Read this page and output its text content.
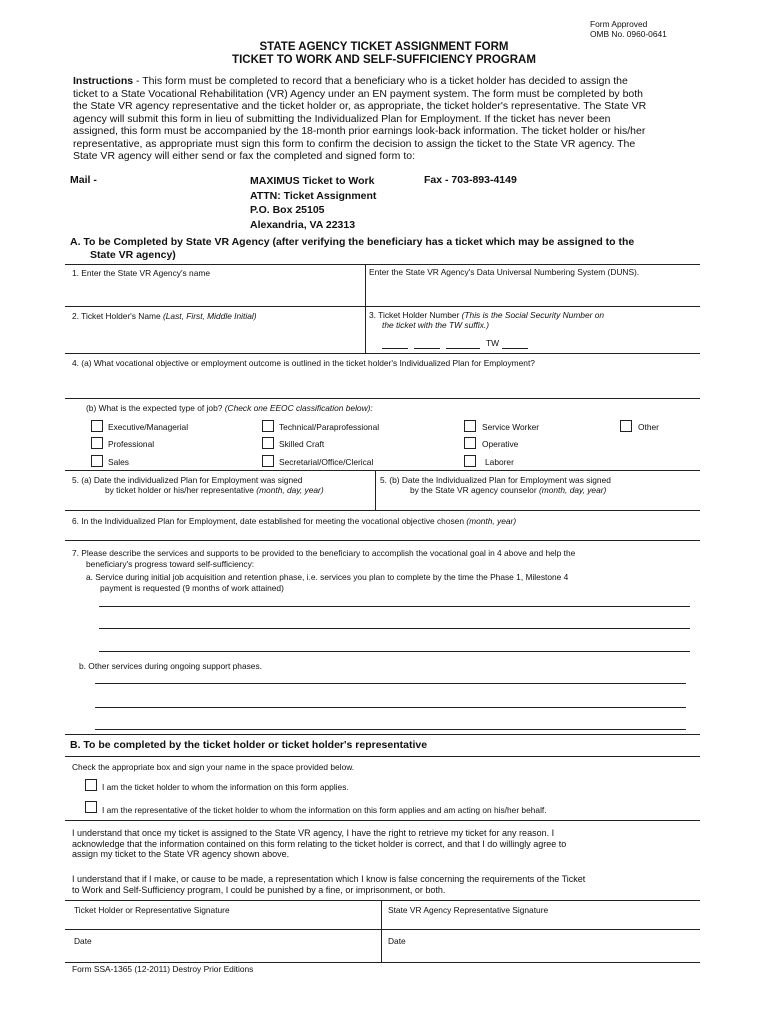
Form Approved
OMB No. 0960-0641
STATE AGENCY TICKET ASSIGNMENT FORM
TICKET TO WORK AND SELF-SUFFICIENCY PROGRAM
Instructions - This form must be completed to record that a beneficiary who is a ticket holder has decided to assign the
ticket to a State Vocational Rehabilitation (VR) Agency under an EN payment system. The form must be completed by both
the State VR agency representative and the ticket holder or, as appropriate, the ticket holder's representative. The State VR
agency will submit this form in lieu of submitting the Individualized Plan for Employment. If the ticket has never been
assigned, this form must be accompanied by the 18-month prior earnings look-back information. The ticket holder or his/her
representative, as appropriate must sign this form to confirm the decision to assign the ticket to the State VR agency. The
State VR agency will either send or fax the completed and signed form to:
Mail -	MAXIMUS Ticket to Work
ATTN: Ticket Assignment
P.O. Box 25105
Alexandria, VA 22313
Fax - 703-893-4149
A. To be Completed by State VR Agency (after verifying the beneficiary has a ticket which may be assigned to the
State VR agency)
1. Enter the State VR Agency's name	Enter the State VR Agency's Data Universal Numbering System (DUNS).
2. Ticket Holder's Name (Last, First, Middle Initial)	3. Ticket Holder Number (This is the Social Security Number on
the ticket with the TW suffix.)
TW
4. (a) What vocational objective or employment outcome is outlined in the ticket holder's Individualized Plan for Employment?
(b) What is the expected type of job? (Check one EEOC classification below):
Executive/Managerial	Technical/Paraprofessional	Service Worker	Other
Professional	Skilled Craft	Operative
Sales	Secretarial/Office/Clerical	Laborer
5. (a) Date the individualized Plan for Employment was signed
by ticket holder or his/her representative (month, day, year)
5. (b) Date the Individualized Plan for Employment was signed
by the State VR agency counselor (month, day, year)
6. In the Individualized Plan for Employment, date established for meeting the vocational objective chosen (month, year)
7. Please describe the services and supports to be provided to the beneficiary to accomplish the vocational goal in 4 above and help the
beneficiary's progress toward self-sufficiency:
a. Service during initial job acquisition and retention phase, i.e. services you plan to complete by the time the Phase 1, Milestone 4
payment is requested (9 months of work attained)
b. Other services during ongoing support phases.
B. To be completed by the ticket holder or ticket holder's representative
Check the appropriate box and sign your name in the space provided below.
I am the ticket holder to whom the information on this form applies.
I am the representative of the ticket holder to whom the information on this form applies and am acting on his/her behalf.
I understand that once my ticket is assigned to the State VR agency, I have the right to retrieve my ticket for any reason. I
acknowledge that the information contained on this form relating to the ticket holder is correct, and that I do willingly agree to
assign my ticket to the State VR agency shown above.
I understand that if I make, or cause to be made, a representation which I know is false concerning the requirements of the Ticket
to Work and Self-Sufficiency program, I could be punished by a fine, or imprisonment, or both.
Ticket Holder or Representative Signature	State VR Agency Representative Signature
Date	Date
Form SSA-1365 (12-2011) Destroy Prior Editions
